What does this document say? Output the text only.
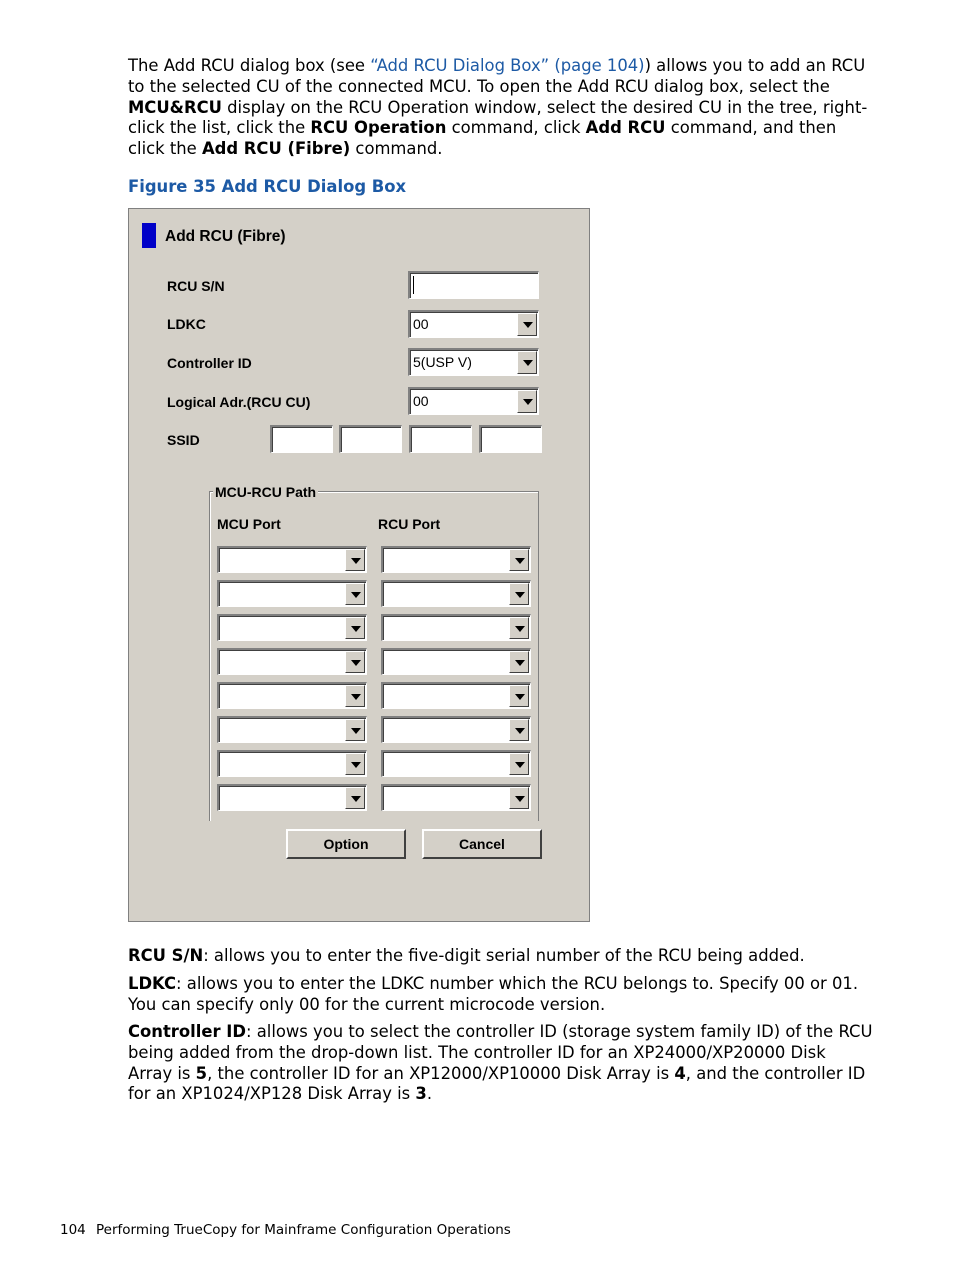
The Add RCU dialog box (see “Add RCU Dialog Box” (page 104)) allows you to add an RCU to the selected CU of the connected MCU. To open the Add RCU dialog box, select the MCU&RCU display on the RCU Operation window, select the desired CU in the tree, right-click the list, click the RCU Operation command, click Add RCU command, and then click the Add RCU (Fibre) command.

Figure 35 Add RCU Dialog Box
Add RCU (Fibre)
RCU S/N
LDKC	00
Controller ID	5(USP V)
Logical Adr.(RCU CU)	00
SSID
MCU-RCU Path
MCU Port	RCU Port
Option	Cancel

RCU S/N: allows you to enter the five-digit serial number of the RCU being added.

LDKC: allows you to enter the LDKC number which the RCU belongs to. Specify 00 or 01. You can specify only 00 for the current microcode version.

Controller ID: allows you to select the controller ID (storage system family ID) of the RCU being added from the drop-down list. The controller ID for an XP24000/XP20000 Disk Array is 5, the controller ID for an XP12000/XP10000 Disk Array is 4, and the controller ID for an XP1024/XP128 Disk Array is 3.

104 Performing TrueCopy for Mainframe Configuration Operations
